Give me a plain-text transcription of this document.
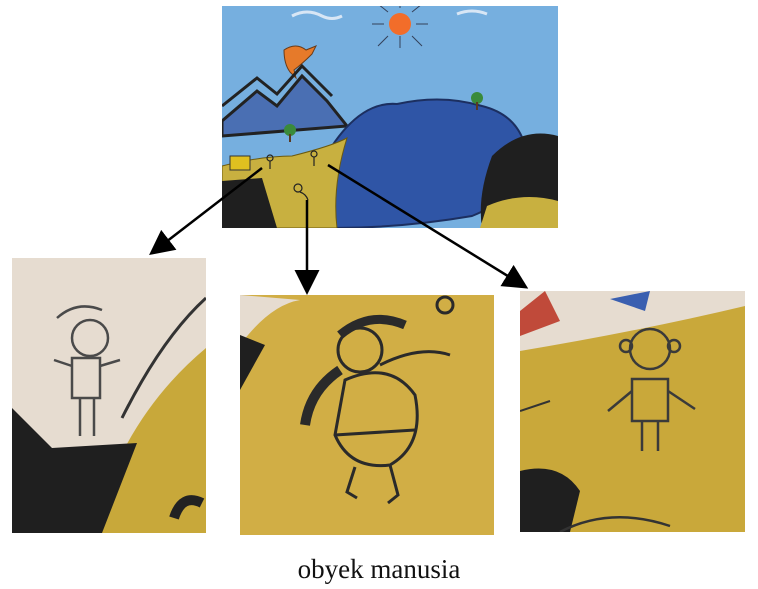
obyek manusia
